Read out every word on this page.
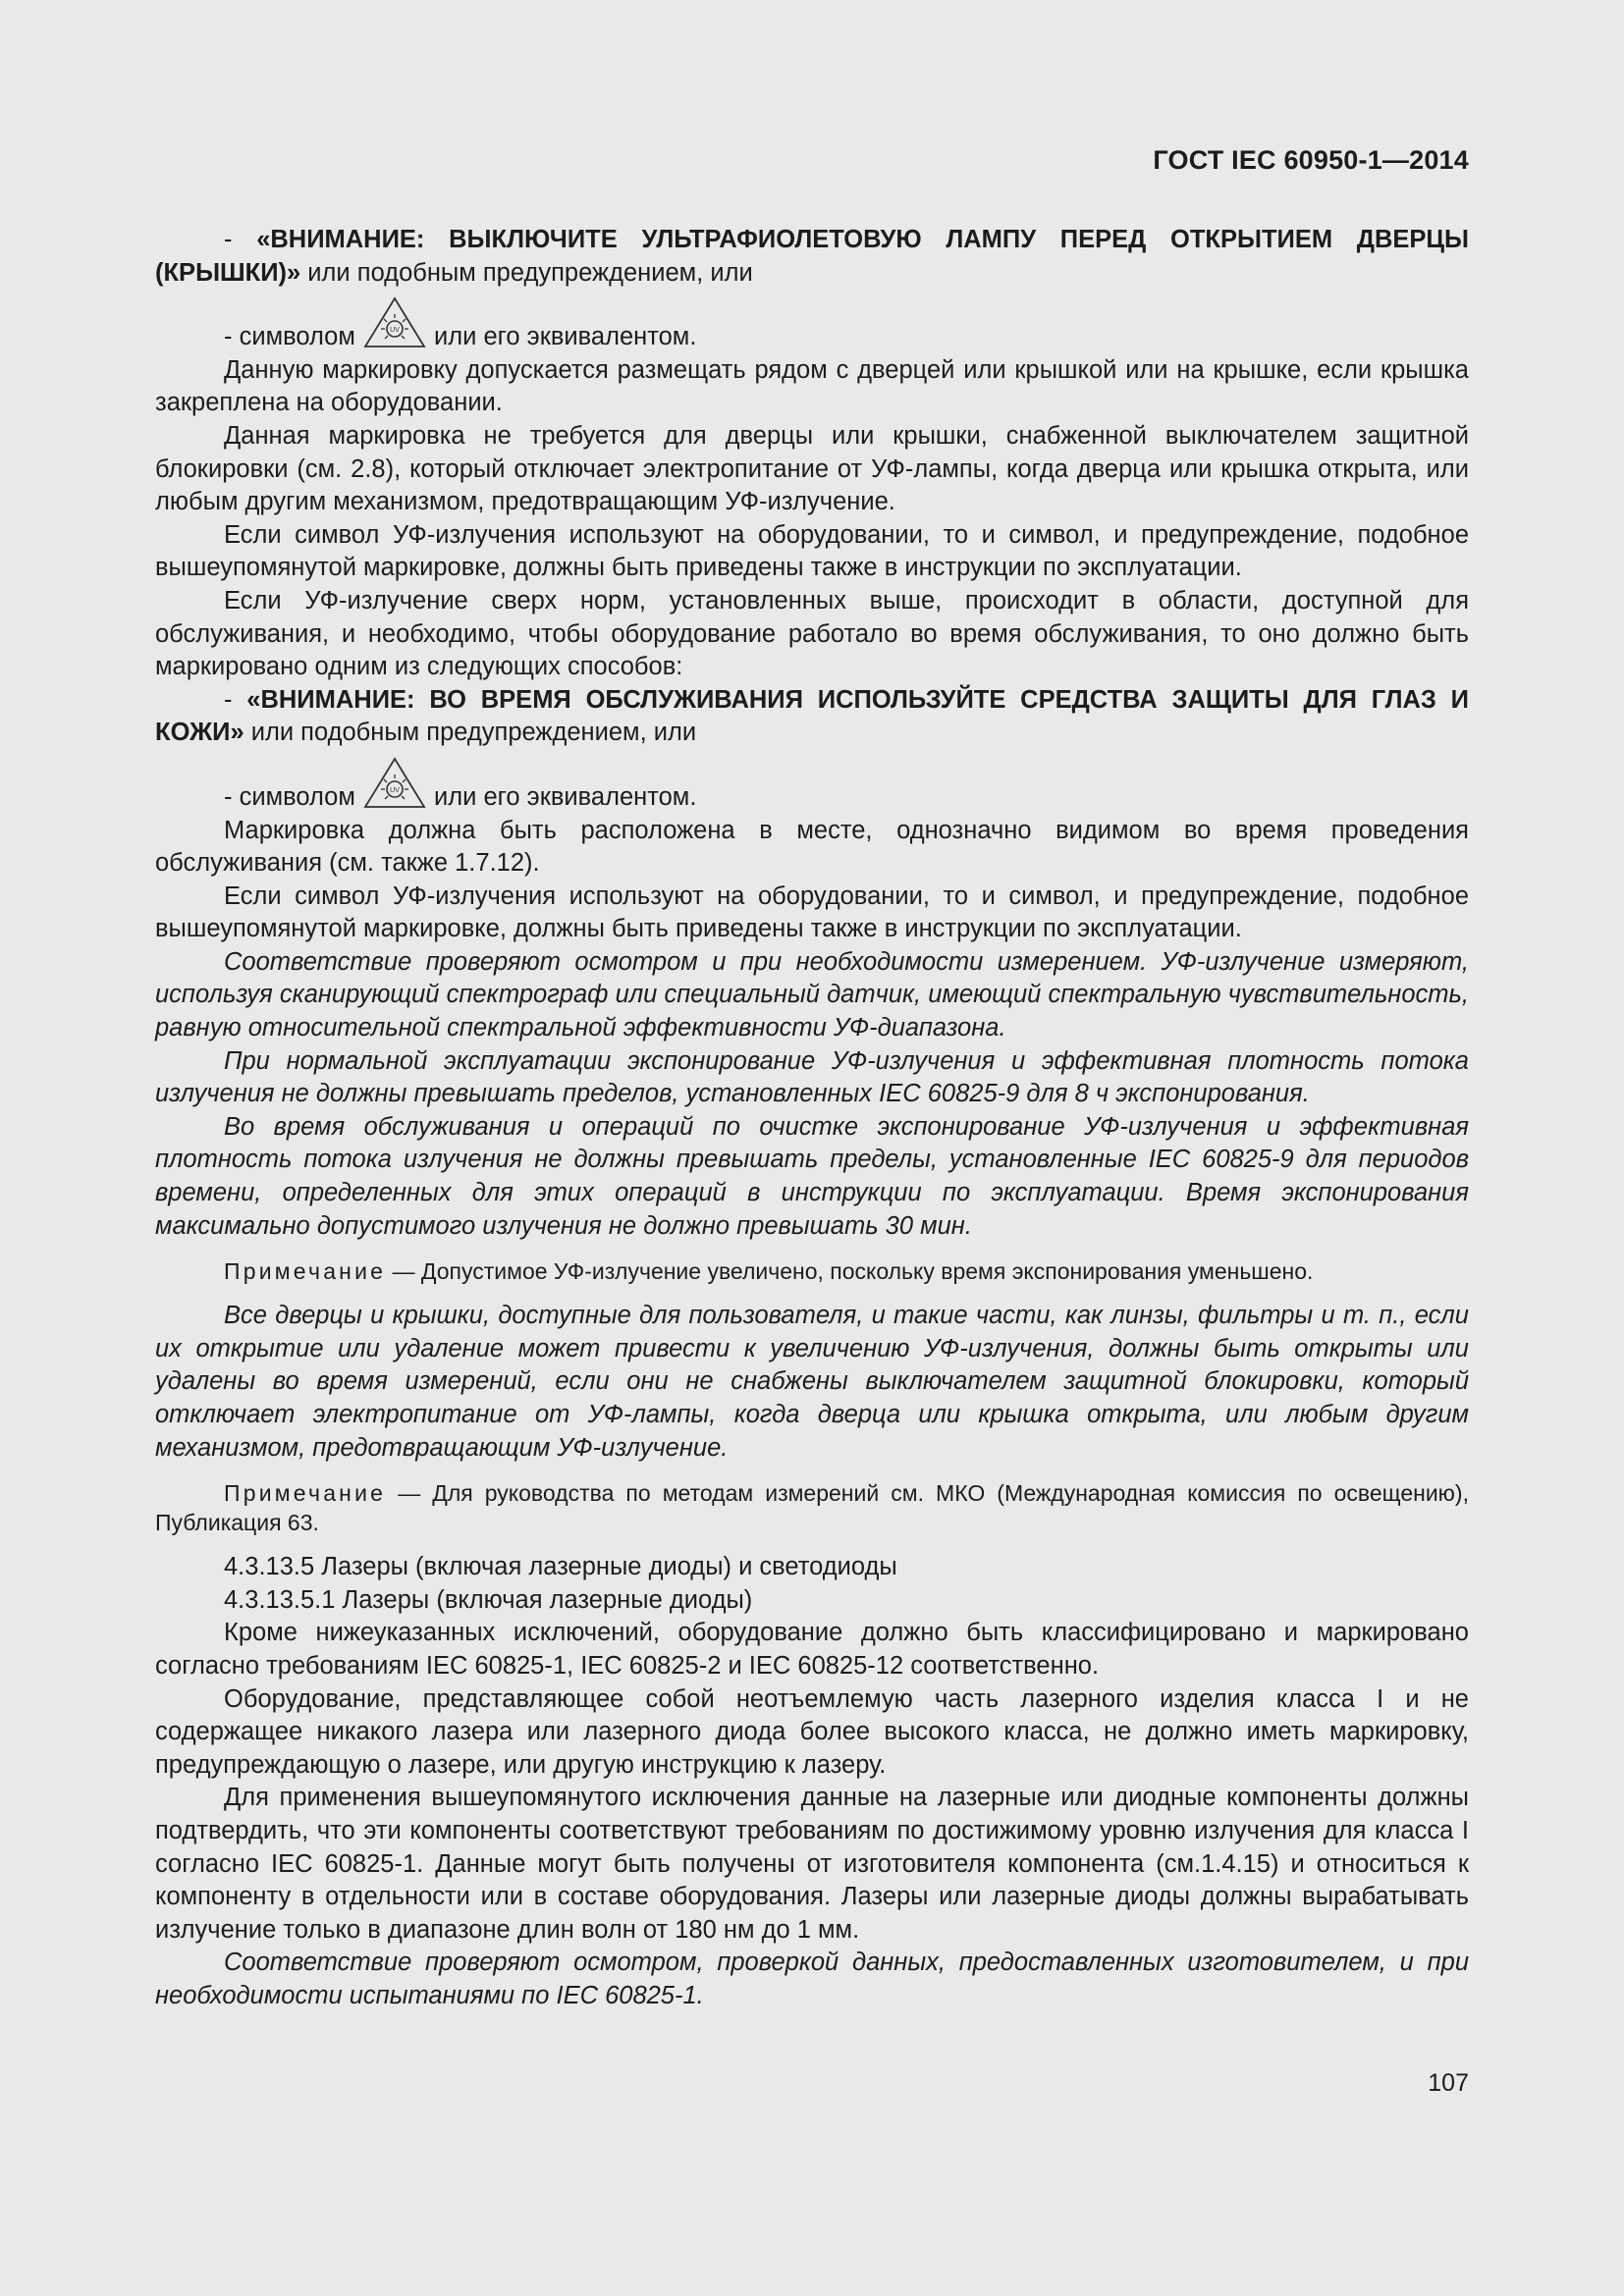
ГОСТ IEC 60950-1—2014

- «ВНИМАНИЕ: ВЫКЛЮЧИТЕ УЛЬТРАФИОЛЕТОВУЮ ЛАМПУ ПЕРЕД ОТКРЫТИЕМ ДВЕРЦЫ (КРЫШКИ)» или подобным предупреждением, или

- символом	UV или его эквивалентом.

Данную маркировку допускается размещать рядом с дверцей или крышкой или на крышке, если крышка закреплена на оборудовании.

Данная маркировка не требуется для дверцы или крышки, снабженной выключателем защитной блокировки (см. 2.8), который отключает электропитание от УФ-лампы, когда дверца или крышка открыта, или любым другим механизмом, предотвращающим УФ-излучение.

Если символ УФ-излучения используют на оборудовании, то и символ, и предупреждение, подобное вышеупомянутой маркировке, должны быть приведены также в инструкции по эксплуатации.

Если УФ-излучение сверх норм, установленных выше, происходит в области, доступной для обслуживания, и необходимо, чтобы оборудование работало во время обслуживания, то оно должно быть маркировано одним из следующих способов:

- «ВНИМАНИЕ: ВО ВРЕМЯ ОБСЛУЖИВАНИЯ ИСПОЛЬЗУЙТЕ СРЕДСТВА ЗАЩИТЫ ДЛЯ ГЛАЗ И КОЖИ» или подобным предупреждением, или

- символом	UV или его эквивалентом.

Маркировка должна быть расположена в месте, однозначно видимом во время проведения обслуживания (см. также 1.7.12).

Если символ УФ-излучения используют на оборудовании, то и символ, и предупреждение, подобное вышеупомянутой маркировке, должны быть приведены также в инструкции по эксплуатации.

Соответствие проверяют осмотром и при необходимости измерением. УФ-излучение измеряют, используя сканирующий спектрограф или специальный датчик, имеющий спектральную чувствительность, равную относительной спектральной эффективности УФ-диапазона.

При нормальной эксплуатации экспонирование УФ-излучения и эффективная плотность потока излучения не должны превышать пределов, установленных IEC 60825-9 для 8 ч экспонирования.

Во время обслуживания и операций по очистке экспонирование УФ-излучения и эффективная плотность потока излучения не должны превышать пределы, установленные IEC 60825-9 для периодов времени, определенных для этих операций в инструкции по эксплуатации. Время экспонирования максимально допустимого излучения не должно превышать 30 мин.

Примечание — Допустимое УФ-излучение увеличено, поскольку время экспонирования уменьшено.

Все дверцы и крышки, доступные для пользователя, и такие части, как линзы, фильтры и т. п., если их открытие или удаление может привести к увеличению УФ-излучения, должны быть открыты или удалены во время измерений, если они не снабжены выключателем защитной блокировки, который отключает электропитание от УФ-лампы, когда дверца или крышка открыта, или любым другим механизмом, предотвращающим УФ-излучение.

Примечание — Для руководства по методам измерений см. МКО (Международная комиссия по освещению), Публикация 63.

4.3.13.5 Лазеры (включая лазерные диоды) и светодиоды

4.3.13.5.1 Лазеры (включая лазерные диоды)

Кроме нижеуказанных исключений, оборудование должно быть классифицировано и маркировано согласно требованиям IEC 60825-1, IEC 60825-2 и IEC 60825-12 соответственно.

Оборудование, представляющее собой неотъемлемую часть лазерного изделия класса I и не содержащее никакого лазера или лазерного диода более высокого класса, не должно иметь маркировку, предупреждающую о лазере, или другую инструкцию к лазеру.

Для применения вышеупомянутого исключения данные на лазерные или диодные компоненты должны подтвердить, что эти компоненты соответствуют требованиям по достижимому уровню излучения для класса I согласно IEC 60825-1. Данные могут быть получены от изготовителя компонента (см.1.4.15) и относиться к компоненту в отдельности или в составе оборудования. Лазеры или лазерные диоды должны вырабатывать излучение только в диапазоне длин волн от 180 нм до 1 мм.

Соответствие проверяют осмотром, проверкой данных, предоставленных изготовителем, и при необходимости испытаниями по IEC 60825-1.

107
